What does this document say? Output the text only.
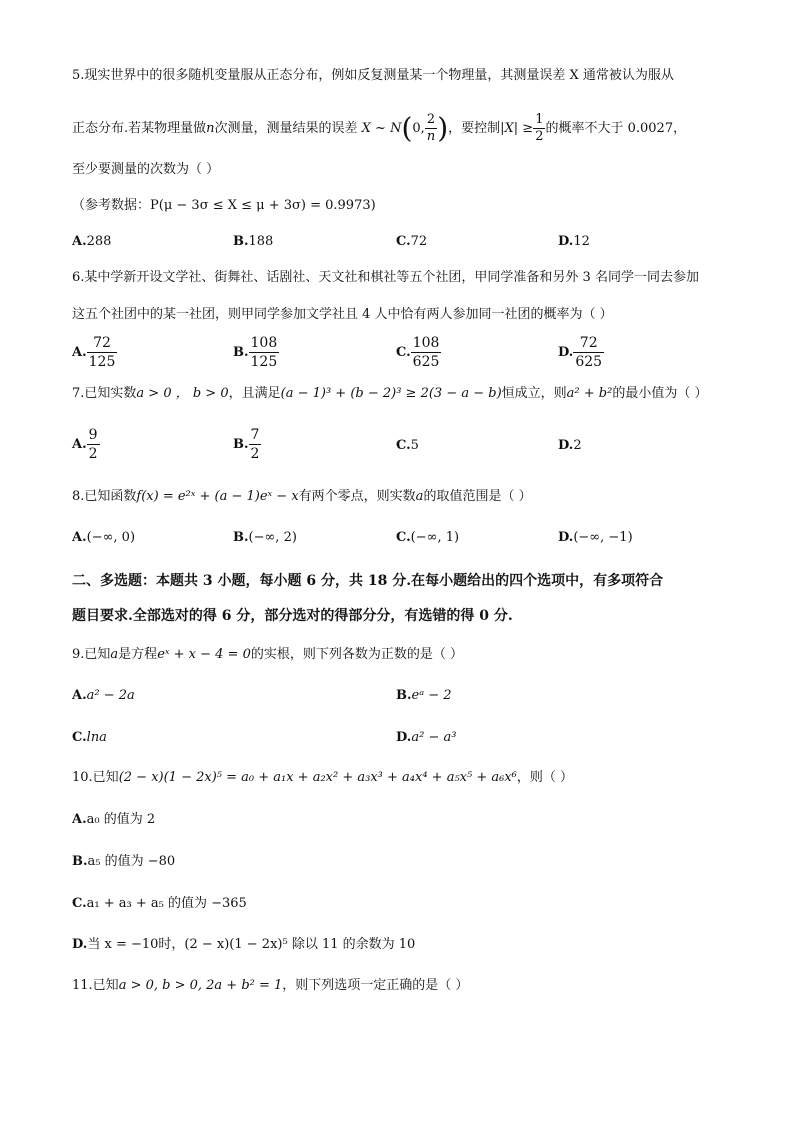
5.现实世界中的很多随机变量服从正态分布，例如反复测量某一个物理量，其测量误差 X 通常被认为服从
正态分布.若某物理量做n次测量，测量结果的误差 X ~ N(0, $\frac{2}{n}$ )，要控制$|X| \ge \frac{1}{2}$ 的概率不大于 0.0027，
至少要测量的次数为（ ）
（参考数据：P(μ − 3σ ≤ X ≤ μ + 3σ) = 0.9973)
A.288	B.188	C.72	D.12
6.某中学新开设文学社、街舞社、话剧社、天文社和棋社等五个社团，甲同学准备和另外 3 名同学一同去参加
这五个社团中的某一社团，则甲同学参加文学社且 4 人中恰有两人参加同一社团的概率为（ ）
A. $\frac{72}{125}$	B. $\frac{108}{125}$	C. $\frac{108}{625}$	D. $\frac{72}{625}$
7.已知实数a > 0 ， b > 0，且满足(a − 1)³ + (b − 2)³ ≥ 2(3 − a − b)恒成立，则a² + b²的最小值为（ ）
A. $\frac{9}{2}$	B. $\frac{7}{2}$	C.5	D.2
8.已知函数f(x) = e²ˣ + (a − 1)eˣ − x有两个零点，则实数a的取值范围是（ ）
A.(−∞, 0)	B.(−∞, 2)	C.(−∞, 1)	D.(−∞, −1)
二、多选题：本题共 3 小题，每小题 6 分，共 18 分.在每小题给出的四个选项中，有多项符合
题目要求.全部选对的得 6 分，部分选对的得部分分，有选错的得 0 分.
9.已知a是方程eˣ + x − 4 = 0的实根，则下列各数为正数的是（ ）
A.a² − 2a	B.eᵃ − 2
C.lna	D.a² − a³
10.已知(2 − x)(1 − 2x)⁵ = a₀ + a₁x + a₂x² + a₃x³ + a₄x⁴ + a₅x⁵ + a₆x⁶，则（ ）
A.a₀ 的值为 2
B.a₅ 的值为 −80
C.a₁ + a₃ + a₅ 的值为 −365
D.当 x = −10时，(2 − x)(1 − 2x)⁵ 除以 11 的余数为 10
11.已知a > 0, b > 0, 2a + b² = 1，则下列选项一定正确的是（ ）
